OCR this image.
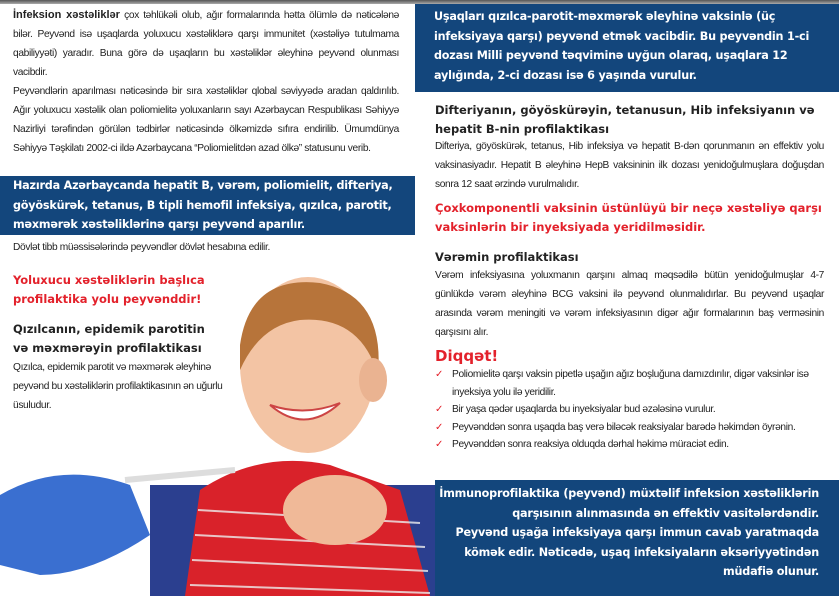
İnfeksion xəstəliklər çox təhlükəli olub, ağır formalarında hətta ölümlə də nəticələnə bilər. Peyvənd isə uşaqlarda yoluxucu xəstəliklərə qarşı immunitet (xəstəliyə tutulmama qabiliyyəti) yaradır. Buna görə də uşaqların bu xəstəliklər əleyhinə peyvənd olunması vacibdir.

Peyvəndlərin aparılması nəticəsində bir sıra xəstəliklər qlobal səviyyədə aradan qaldırılıb. Ağır yoluxucu xəstəlik olan poliomielitə yoluxanların sayı Azərbaycan Respublikası Səhiyyə Nazirliyi tərəfindən görülən tədbirlər nəticəsində ölkəmizdə sıfıra endirilib. Ümumdünya Səhiyyə Təşkilatı 2002-ci ildə Azərbaycana “Poliomielitdən azad ölkə” statusunu verib.

Hazırda Azərbaycanda hepatit B, vərəm, poliomielit, difteriya, göyöskürək, tetanus, B tipli hemofil infeksiya, qızılca, parotit, məxmərək xəstəliklərinə qarşı peyvənd aparılır.
Dövlət tibb müəssisələrində peyvəndlər dövlət hesabına edilir.
Yoluxucu xəstəliklərin başlıca
profilaktika yolu peyvənddir!
Qızılcanın, epidemik parotitin
və məxmərəyin profilaktikası
Qızılca, epidemik parotit və məxmərək əleyhinə peyvənd bu xəstəliklərin profilaktikasının ən uğurlu üsuludur.
Uşaqları qızılca-parotit-məxmərək əleyhinə vaksinlə (üç infeksiyaya qarşı) peyvənd etmək vacibdir. Bu peyvəndin 1-ci dozası Milli peyvənd təqviminə uyğun olaraq, uşaqlara 12 aylığında, 2-ci dozası isə 6 yaşında vurulur.
Difteriyanın, göyöskürəyin, tetanusun, Hib infeksiyanın və hepatit B-nin profilaktikası
Difteriya, göyöskürək, tetanus, Hib infeksiya və hepatit B-dən qorunmanın ən effektiv yolu vaksinasiyadır. Hepatit B əleyhinə HepB vaksininin ilk dozası yenidoğulmuşlara doğuşdan sonra 12 saat ərzində vurulmalıdır.
Çoxkomponentli vaksinin üstünlüyü bir neçə xəstəliyə qarşı vaksinlərin bir inyeksiyada yeridilməsidir.
Vərəmin profilaktikası
Vərəm infeksiyasına yoluxmanın qarşını almaq məqsədilə bütün yenidoğulmuşlar 4-7 günlükdə vərəm əleyhinə BCG vaksini ilə peyvənd olunmalıdırlar. Bu peyvənd uşaqlar arasında vərəm meningiti və vərəm infeksiyasının digər ağır formalarının baş verməsinin qarşısını alır.
Diqqət!
✓ Poliomielitə qarşı vaksin pipetlə uşağın ağız boşluğuna damızdırılır, digər vaksinlər isə inyeksiya yolu ilə yeridilir.
✓ Bir yaşa qədər uşaqlarda bu inyeksiyalar bud əzələsinə vurulur.
✓ Peyvənddən sonra uşaqda baş verə biləcək reaksiyalar barədə həkimdən öyrənin.
✓ Peyvənddən sonra reaksiya olduqda dərhal həkimə müraciət edin.
İmmunoprofilaktika (peyvənd) müxtəlif infeksion xəstəliklərin
qarşısının alınmasında ən effektiv vasitələrdəndir.
Peyvənd uşağa infeksiyaya qarşı immun cavab yaratmaqda
kömək edir. Nəticədə, uşaq infeksiyaların əksəriyyətindən
müdafiə olunur.
